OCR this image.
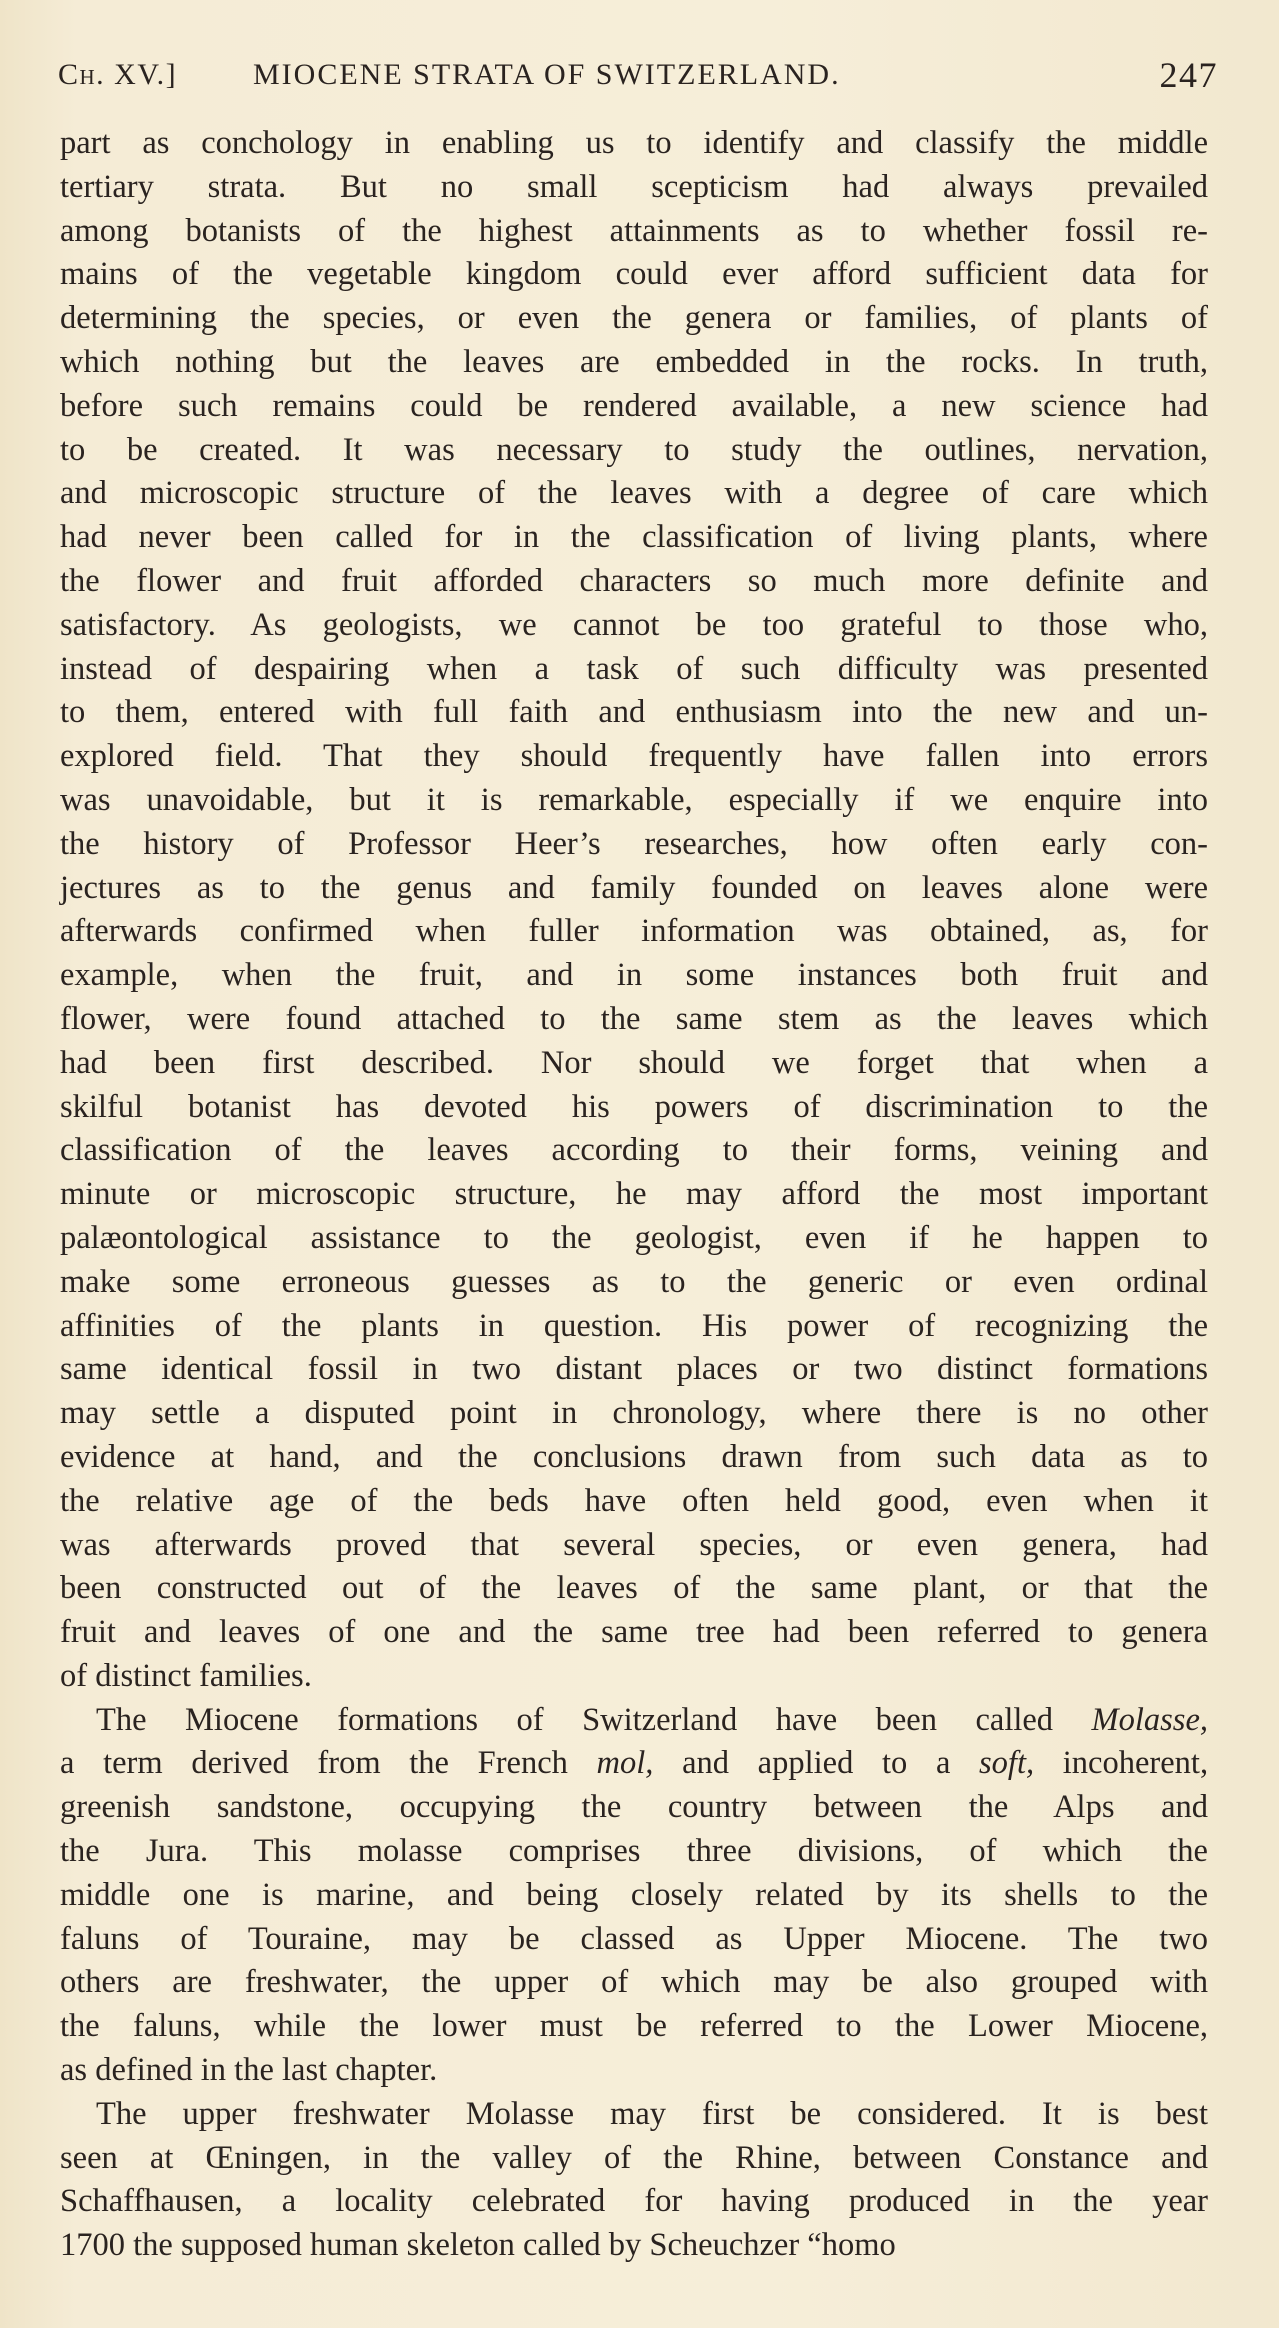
Ch. XV.]	MIOCENE STRATA OF SWITZERLAND.	247
part as conchology in enabling us to identify and classify the middle
tertiary strata. But no small scepticism had always prevailed
among botanists of the highest attainments as to whether fossil re-
mains of the vegetable kingdom could ever afford sufficient data for
determining the species, or even the genera or families, of plants of
which nothing but the leaves are embedded in the rocks. In truth,
before such remains could be rendered available, a new science had
to be created. It was necessary to study the outlines, nervation,
and microscopic structure of the leaves with a degree of care which
had never been called for in the classification of living plants, where
the flower and fruit afforded characters so much more definite and
satisfactory. As geologists, we cannot be too grateful to those who,
instead of despairing when a task of such difficulty was presented
to them, entered with full faith and enthusiasm into the new and un-
explored field. That they should frequently have fallen into errors
was unavoidable, but it is remarkable, especially if we enquire into
the history of Professor Heer’s researches, how often early con-
jectures as to the genus and family founded on leaves alone were
afterwards confirmed when fuller information was obtained, as, for
example, when the fruit, and in some instances both fruit and
flower, were found attached to the same stem as the leaves which
had been first described. Nor should we forget that when a
skilful botanist has devoted his powers of discrimination to the
classification of the leaves according to their forms, veining and
minute or microscopic structure, he may afford the most important
palæontological assistance to the geologist, even if he happen to
make some erroneous guesses as to the generic or even ordinal
affinities of the plants in question. His power of recognizing the
same identical fossil in two distant places or two distinct formations
may settle a disputed point in chronology, where there is no other
evidence at hand, and the conclusions drawn from such data as to
the relative age of the beds have often held good, even when it
was afterwards proved that several species, or even genera, had
been constructed out of the leaves of the same plant, or that the
fruit and leaves of one and the same tree had been referred to genera
of distinct families.
The Miocene formations of Switzerland have been called Molasse,
a term derived from the French mol, and applied to a soft, incoherent,
greenish sandstone, occupying the country between the Alps and
the Jura. This molasse comprises three divisions, of which the
middle one is marine, and being closely related by its shells to the
faluns of Touraine, may be classed as Upper Miocene. The two
others are freshwater, the upper of which may be also grouped with
the faluns, while the lower must be referred to the Lower Miocene,
as defined in the last chapter.
The upper freshwater Molasse may first be considered. It is best
seen at Œningen, in the valley of the Rhine, between Constance and
Schaffhausen, a locality celebrated for having produced in the year
1700 the supposed human skeleton called by Scheuchzer “homo
